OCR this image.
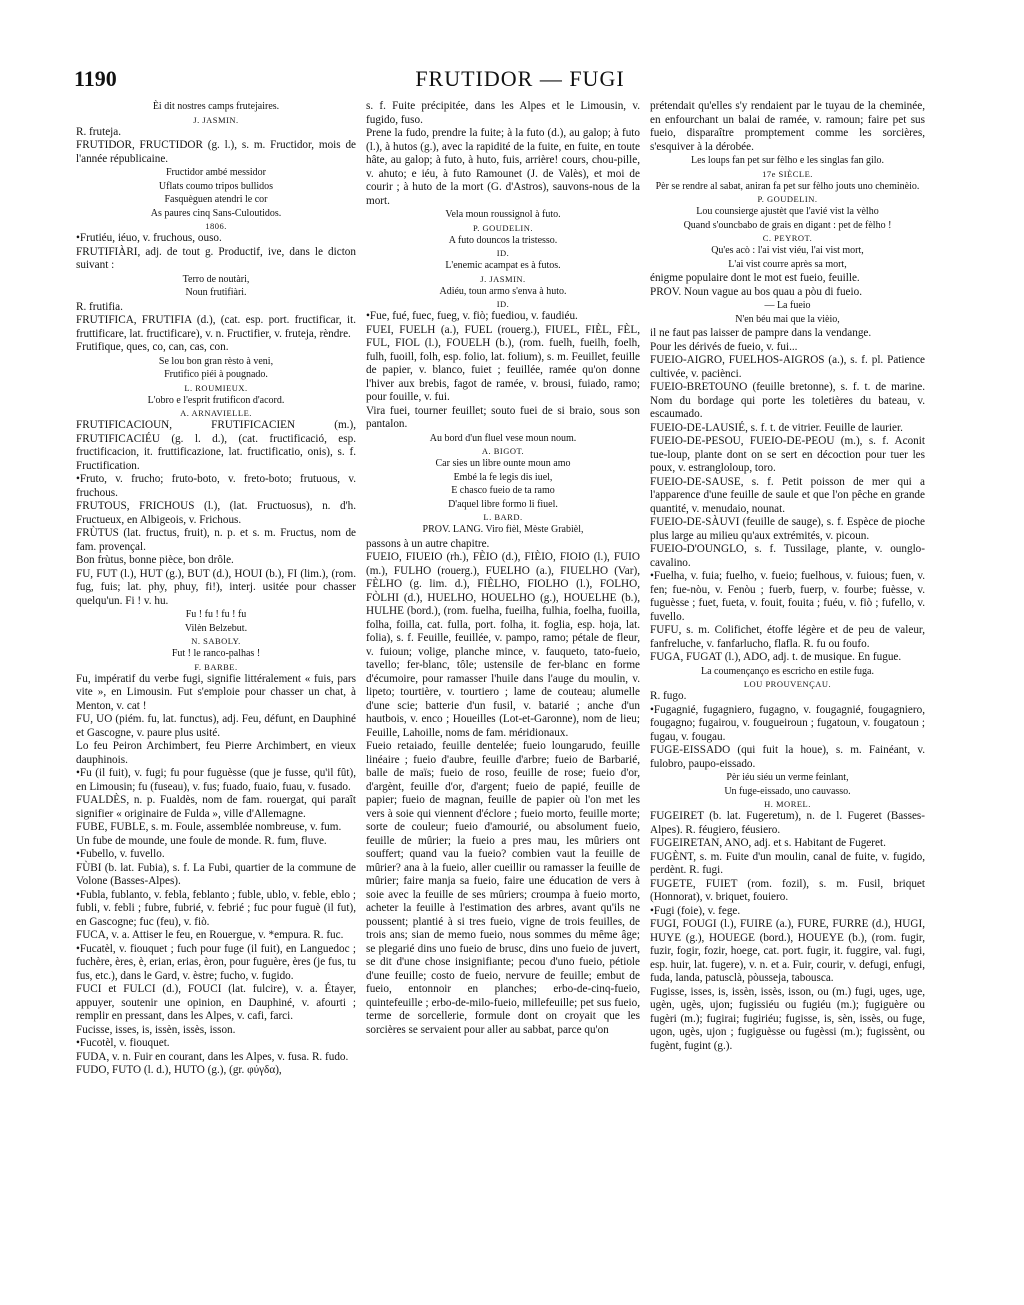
1190	FRUTIDOR — FUGI

Èi dit nostres camps frutejaires.

J. JASMIN.

R. fruteja.

FRUTIDOR, FRUCTIDOR (g. l.), s. m. Fructidor, mois de l'année républicaine.

Fructidor ambé messidor

Uflats coumo tripos bullidos

Fasquèguen atendri le cor

As paures cinq Sans-Culoutidos.

1806.

•Frutiéu, iéuo, v. fruchous, ouso.

FRUTIFIÀRI, adj. de tout g. Productif, ive, dans le dicton suivant :

Terro de noutàri,

Noun frutifiàri.

R. frutifia.

FRUTIFICA, FRUTIFIA (d.), (cat. esp. port. fructificar, it. fruttificare, lat. fructificare), v. n. Fructifier, v. fruteja, rèndre.

Frutifique, ques, co, can, cas, con.

Se lou bon gran rèsto à veni,

Frutifico piéi à pougnado.

L. ROUMIEUX.

L'obro e l'esprit frutificon d'acord.

A. ARNAVIELLE.

FRUTIFICACIOUN, FRUTIFICACIEN (m.), FRUTIFICACIÉU (g. l. d.), (cat. fructificació, esp. fructificacion, it. fruttificazione, lat. fructificatio, onis), s. f. Fructification.

•Fruto, v. frucho; fruto-boto, v. freto-boto; frutuous, v. fruchous.

FRUTOUS, FRICHOUS (l.), (lat. Fructuosus), n. d'h. Fructueux, en Albigeois, v. Frichous.

FRÙTUS (lat. fructus, fruit), n. p. et s. m. Fructus, nom de fam. provençal.

Bon frùtus, bonne pièce, bon drôle.

FU, FUT (l.), HUT (g.), BUT (d.), HOUI (b.), FI (lim.), (rom. fug, fuis; lat. phy, phuy, fi!), interj. usitée pour chasser quelqu'un. Fi ! v. hu.

Fu ! fu ! fu ! fu

Vilèn Belzebut.

N. SABOLY.

Fut ! le ranco-palhas !

F. BARBE.

Fu, impératif du verbe fugi, signifie littéralement « fuis, pars vite », en Limousin. Fut s'emploie pour chasser un chat, à Menton, v. cat !

FU, UO (piém. fu, lat. functus), adj. Feu, défunt, en Dauphiné et Gascogne, v. paure plus usité.

Lo feu Peiron Archimbert, feu Pierre Archimbert, en vieux dauphinois.

•Fu (il fuit), v. fugi; fu pour fuguèsse (que je fusse, qu'il fût), en Limousin; fu (fuseau), v. fus; fuado, fuaio, fuau, v. fusado.

FUALDÈS, n. p. Fualdès, nom de fam. rouergat, qui paraît signifier « originaire de Fulda », ville d'Allemagne.

FUBE, FUBLE, s. m. Foule, assemblée nombreuse, v. fum.

Un fube de mounde, une foule de monde. R. fum, fluve.

•Fubello, v. fuvello.

FÙBI (b. lat. Fubia), s. f. La Fubi, quartier de la commune de Volone (Basses-Alpes).

•Fubla, fublanto, v. febla, feblanto ; fuble, ublo, v. feble, eblo ; fubli, v. febli ; fubre, fubrié, v. febrié ; fuc pour fuguè (il fut), en Gascogne; fuc (feu), v. fiò.

FUCA, v. a. Attiser le feu, en Rouergue, v. *empura. R. fuc.

•Fucatèl, v. fiouquet ; fuch pour fuge (il fuit), en Languedoc ; fuchère, ères, è, erian, erias, èron, pour fuguère, ères (je fus, tu fus, etc.), dans le Gard, v. èstre; fucho, v. fugido.

FUCI et FULCI (d.), FOUCI (lat. fulcire), v. a. Étayer, appuyer, soutenir une opinion, en Dauphiné, v. afourti ; remplir en pressant, dans les Alpes, v. cafi, farci.

Fucisse, isses, is, issèn, issès, isson.

•Fucotèl, v. fiouquet.

FUDA, v. n. Fuir en courant, dans les Alpes, v. fusa. R. fudo.

FUDO, FUTO (l. d.), HUTO (g.), (gr. φύγδα),

s. f. Fuite précipitée, dans les Alpes et le Limousin, v. fugido, fuso.

Prene la fudo, prendre la fuite; à la futo (d.), au galop; à futo (l.), à hutos (g.), avec la rapidité de la fuite, en fuite, en toute hâte, au galop; à futo, à huto, fuis, arrière! cours, chou-pille, v. ahuto; e iéu, à futo Ramounet (J. de Valès), et moi de courir ; à huto de la mort (G. d'Astros), sauvons-nous de la mort.

Vela moun roussignol à futo.

P. GOUDELIN.

A futo douncos la tristesso.

ID.

L'enemic acampat es à futos.

J. JASMIN.

Adiéu, toun armo s'enva à huto.

ID.

•Fue, fué, fuec, fueg, v. fiò; fuediou, v. faudiéu.

FUEI, FUELH (a.), FUEL (rouerg.), FIUEL, FIÈL, FÈL, FUL, FIOL (l.), FOUELH (b.), (rom. fuelh, fueilh, foelh, fulh, fuoill, folh, esp. folio, lat. folium), s. m. Feuillet, feuille de papier, v. blanco, fuiet ; feuillée, ramée qu'on donne l'hiver aux brebis, fagot de ramée, v. brousi, fuiado, ramo; pour fouille, v. fui.

Vira fuei, tourner feuillet; souto fuei de si braio, sous son pantalon.

Au bord d'un fluel vese moun noum.

A. BIGOT.

Car sies un libre ounte moun amo

Embé la fe legis dis iuel,

E chasco fueio de ta ramo

D'aquel libre formo li fiuel.

L. BARD.

PROV. LANG. Viro fièl, Mèste Grabièl,

passons à un autre chapitre.

FUEIO, FIUEIO (rh.), FÈIO (d.), FIÈIO, FIOIO (l.), FUIO (m.), FULHO (rouerg.), FUELHO (a.), FIUELHO (Var), FÈLHO (g. lim. d.), FIÈLHO, FIOLHO (l.), FOLHO, FÒLHI (d.), HUELHO, HOUELHO (g.), HOUELHE (b.), HULHE (bord.), (rom. fuelha, fueilha, fulhia, foelha, fuoilla, folha, foilla, cat. fulla, port. folha, it. foglia, esp. hoja, lat. folia), s. f. Feuille, feuillée, v. pampo, ramo; pétale de fleur, v. fuioun; volige, planche mince, v. fauqueto, tato-fueio, tavello; fer-blanc, tôle; ustensile de fer-blanc en forme d'écumoire, pour ramasser l'huile dans l'auge du moulin, v. lipeto; tourtière, v. tourtiero ; lame de couteau; alumelle d'une scie; batterie d'un fusil, v. batarié ; anche d'un hautbois, v. enco ; Houeilles (Lot-et-Garonne), nom de lieu; Feuille, Lahoille, noms de fam. méridionaux.

Fueio retaiado, feuille dentelée; fueio loungarudo, feuille linéaire ; fueio d'aubre, feuille d'arbre; fueio de Barbarié, balle de maïs; fueio de roso, feuille de rose; fueio d'or, d'argènt, feuille d'or, d'argent; fueio de papié, feuille de papier; fueio de magnan, feuille de papier où l'on met les vers à soie qui viennent d'éclore ; fueio morto, feuille morte; sorte de couleur; fueio d'amourié, ou absolument fueio, feuille de mûrier; la fueio a pres mau, les mûriers ont souffert; quand vau la fueio? combien vaut la feuille de mûrier? ana à la fueio, aller cueillir ou ramasser la feuille de mûrier; faire manja sa fueio, faire une éducation de vers à soie avec la feuille de ses mûriers; croumpa à fueio morto, acheter la feuille à l'estimation des arbres, avant qu'ils ne poussent; plantié à si tres fueio, vigne de trois feuilles, de trois ans; sian de memo fueio, nous sommes du même âge; se plegarié dins uno fueio de brusc, dins uno fueio de juvert, se dit d'une chose insignifiante; pecou d'uno fueio, pétiole d'une feuille; costo de fueio, nervure de feuille; embut de fueio, entonnoir en planches; erbo-de-cinq-fueio, quintefeuille ; erbo-de-milo-fueio, millefeuille; pet sus fueio, terme de sorcellerie, formule dont on croyait que les sorcières se servaient pour aller au sabbat, parce qu'on

prétendait qu'elles s'y rendaient par le tuyau de la cheminée, en enfourchant un balai de ramée, v. ramoun; faire pet sus fueio, disparaître promptement comme les sorcières, s'esquiver à la dérobée.

Les loups fan pet sur fèlho e les singlas fan gilo.

17e SIÈCLE.

Pèr se rendre al sabat, aniran fa pet sur fèlho jouts uno cheminèio.

P. GOUDELIN.

Lou counsierge ajustèt que l'avié vist la vèlho

Quand s'ouncbabo de grais en digant : pet de fèlho !

C. PEYROT.

Qu'es acò : l'ai vist viéu, l'ai vist mort,

L'ai vist courre après sa mort,

énigme populaire dont le mot est fueio, feuille.

PROV. Noun vague au bos quau a pòu di fueio.

— La fueio

N'en béu mai que la vièio,

il ne faut pas laisser de pampre dans la vendange.

Pour les dérivés de fueio, v. fui...

FUEIO-AIGRO, FUELHOS-AIGROS (a.), s. f. pl. Patience cultivée, v. paciènci.

FUEIO-BRETOUNO (feuille bretonne), s. f. t. de marine. Nom du bordage qui porte les toletières du bateau, v. escaumado.

FUEIO-DE-LAUSIÉ, s. f. t. de vitrier. Feuille de laurier.

FUEIO-DE-PESOU, FUEIO-DE-PEOU (m.), s. f. Aconit tue-loup, plante dont on se sert en décoction pour tuer les poux, v. estrangloloup, toro.

FUEIO-DE-SAUSE, s. f. Petit poisson de mer qui a l'apparence d'une feuille de saule et que l'on pêche en grande quantité, v. menudaio, nounat.

FUEIO-DE-SÀUVI (feuille de sauge), s. f. Espèce de pioche plus large au milieu qu'aux extrémités, v. picoun.

FUEIO-D'OUNGLO, s. f. Tussilage, plante, v. ounglo-cavalino.

•Fuelha, v. fuia; fuelho, v. fueio; fuelhous, v. fuious; fuen, v. fen; fue-nòu, v. Fenòu ; fuerb, fuerp, v. fourbe; fuèsse, v. fuguèsse ; fuet, fueta, v. fouit, fouita ; fuéu, v. fiò ; fufello, v. fuvello.

FUFU, s. m. Colifichet, étoffe légère et de peu de valeur, fanfreluche, v. fanfarlucho, flafla. R. fu ou foufo.

FUGA, FUGAT (l.), ADO, adj. t. de musique. En fugue.

La coumençanço es escricho en estile fuga.

LOU PROUVENÇAU.

R. fugo.

•Fugagnié, fugagniero, fugagno, v. fougagnié, fougagniero, fougagno; fugairou, v. fougueiroun ; fugatoun, v. fougatoun ; fugau, v. fougau.

FUGE-EISSADO (qui fuit la houe), s. m. Fainéant, v. fulobro, paupo-eissado.

Pèr iéu siéu un verme feinlant,

Un fuge-eissado, uno cauvasso.

H. MOREL.

FUGEIRET (b. lat. Fugeretum), n. de l. Fugeret (Basses-Alpes). R. féugiero, féusiero.

FUGEIRETAN, ANO, adj. et s. Habitant de Fugeret.

FUGÈNT, s. m. Fuite d'un moulin, canal de fuite, v. fugido, perdènt. R. fugi.

FUGETE, FUIET (rom. fozil), s. m. Fusil, briquet (Honnorat), v. briquet, fouiero.

•Fugi (foie), v. fege.

FUGI, FOUGI (l.), FUIRE (a.), FURE, FURRE (d.), HUGI, HUYE (g.), HOUEGE (bord.), HOUEYE (b.), (rom. fugir, fuzir, fogir, fozir, hoege, cat. port. fugir, it. fuggire, val. fugi, esp. huir, lat. fugere), v. n. et a. Fuir, courir, v. defugi, enfugi, fuda, landa, patusclà, pòusseja, tabousca.

Fugisse, isses, is, issèn, issès, isson, ou (m.) fugi, uges, uge, ugèn, ugès, ujon; fugissiéu ou fugiéu (m.); fugiguère ou fugèri (m.); fugirai; fugiriéu; fugisse, is, sèn, issès, ou fuge, ugon, ugès, ujon ; fugiguèsse ou fugèssi (m.); fugissènt, ou fugènt, fugint (g.).
